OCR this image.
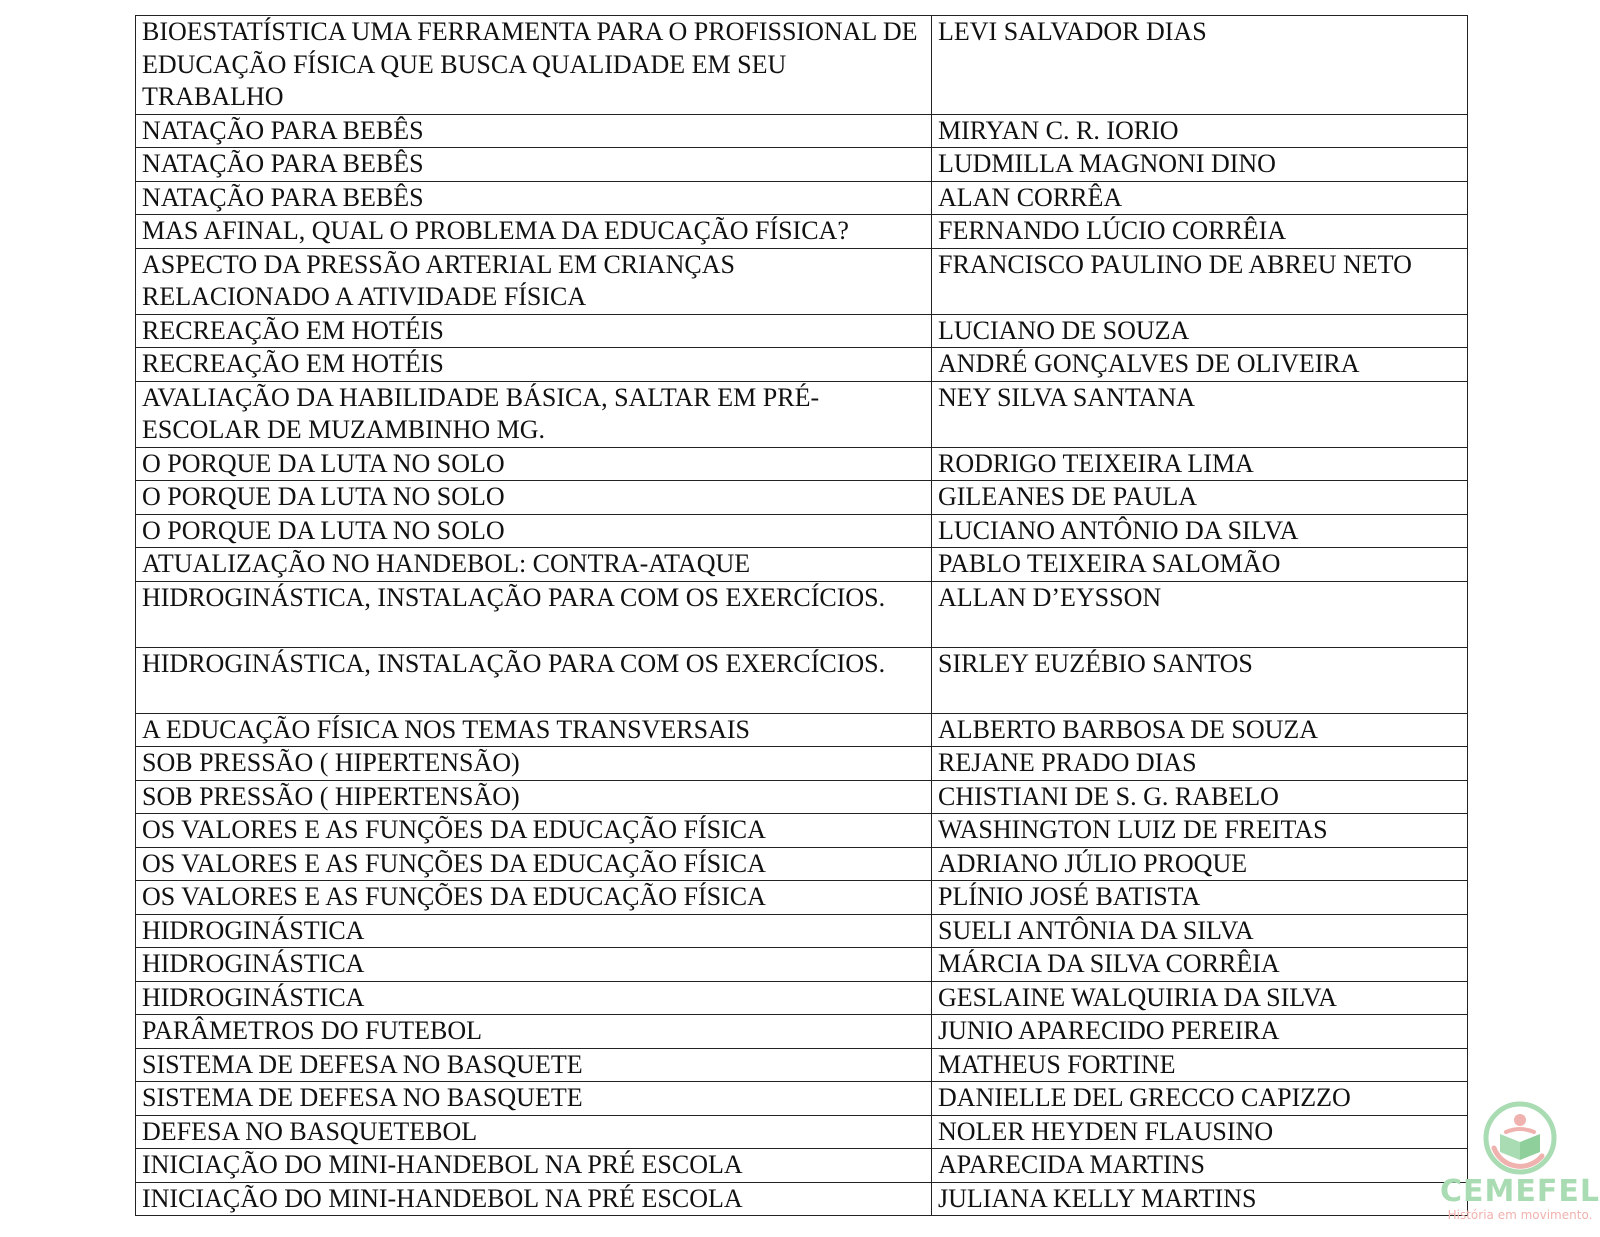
BIOESTATÍSTICA UMA FERRAMENTA PARA O PROFISSIONAL DE EDUCAÇÃO FÍSICA QUE BUSCA QUALIDADE EM SEU TRABALHO	LEVI SALVADOR DIAS
NATAÇÃO PARA BEBÊS	MIRYAN C. R. IORIO
NATAÇÃO PARA BEBÊS	LUDMILLA MAGNONI DINO
NATAÇÃO PARA BEBÊS	ALAN CORRÊA
MAS AFINAL, QUAL O PROBLEMA DA EDUCAÇÃO FÍSICA?	FERNANDO LÚCIO CORRÊIA
ASPECTO DA PRESSÃO ARTERIAL EM CRIANÇAS RELACIONADO A ATIVIDADE FÍSICA	FRANCISCO PAULINO DE ABREU NETO
RECREAÇÃO EM HOTÉIS	LUCIANO DE SOUZA
RECREAÇÃO EM HOTÉIS	ANDRÉ GONÇALVES DE OLIVEIRA
AVALIAÇÃO DA HABILIDADE BÁSICA, SALTAR EM PRÉ-ESCOLAR DE MUZAMBINHO MG.	NEY SILVA SANTANA
O PORQUE DA LUTA NO SOLO	RODRIGO TEIXEIRA LIMA
O PORQUE DA LUTA NO SOLO	GILEANES DE PAULA
O PORQUE DA LUTA NO SOLO	LUCIANO ANTÔNIO DA SILVA
ATUALIZAÇÃO NO HANDEBOL: CONTRA-ATAQUE	PABLO TEIXEIRA SALOMÃO
HIDROGINÁSTICA, INSTALAÇÃO PARA COM OS EXERCÍCIOS.	ALLAN D’EYSSON
HIDROGINÁSTICA, INSTALAÇÃO PARA COM OS EXERCÍCIOS.	SIRLEY EUZÉBIO SANTOS
A EDUCAÇÃO FÍSICA NOS TEMAS TRANSVERSAIS	ALBERTO BARBOSA DE SOUZA
SOB PRESSÃO ( HIPERTENSÃO)	REJANE PRADO DIAS
SOB PRESSÃO ( HIPERTENSÃO)	CHISTIANI DE S. G. RABELO
OS VALORES E AS FUNÇÕES DA EDUCAÇÃO FÍSICA	WASHINGTON LUIZ DE FREITAS
OS VALORES E AS FUNÇÕES DA EDUCAÇÃO FÍSICA	ADRIANO JÚLIO PROQUE
OS VALORES E AS FUNÇÕES DA EDUCAÇÃO FÍSICA	PLÍNIO JOSÉ BATISTA
HIDROGINÁSTICA	SUELI ANTÔNIA DA SILVA
HIDROGINÁSTICA	MÁRCIA DA SILVA CORRÊIA
HIDROGINÁSTICA	GESLAINE WALQUIRIA DA SILVA
PARÂMETROS DO FUTEBOL	JUNIO APARECIDO PEREIRA
SISTEMA DE DEFESA NO BASQUETE	MATHEUS FORTINE
SISTEMA DE DEFESA NO BASQUETE	DANIELLE DEL GRECCO CAPIZZO
DEFESA NO BASQUETEBOL	NOLER HEYDEN FLAUSINO
INICIAÇÃO DO MINI-HANDEBOL NA PRÉ ESCOLA	APARECIDA MARTINS
INICIAÇÃO DO MINI-HANDEBOL NA PRÉ ESCOLA	JULIANA KELLY MARTINS	CEMEFEL
História em movimento.
